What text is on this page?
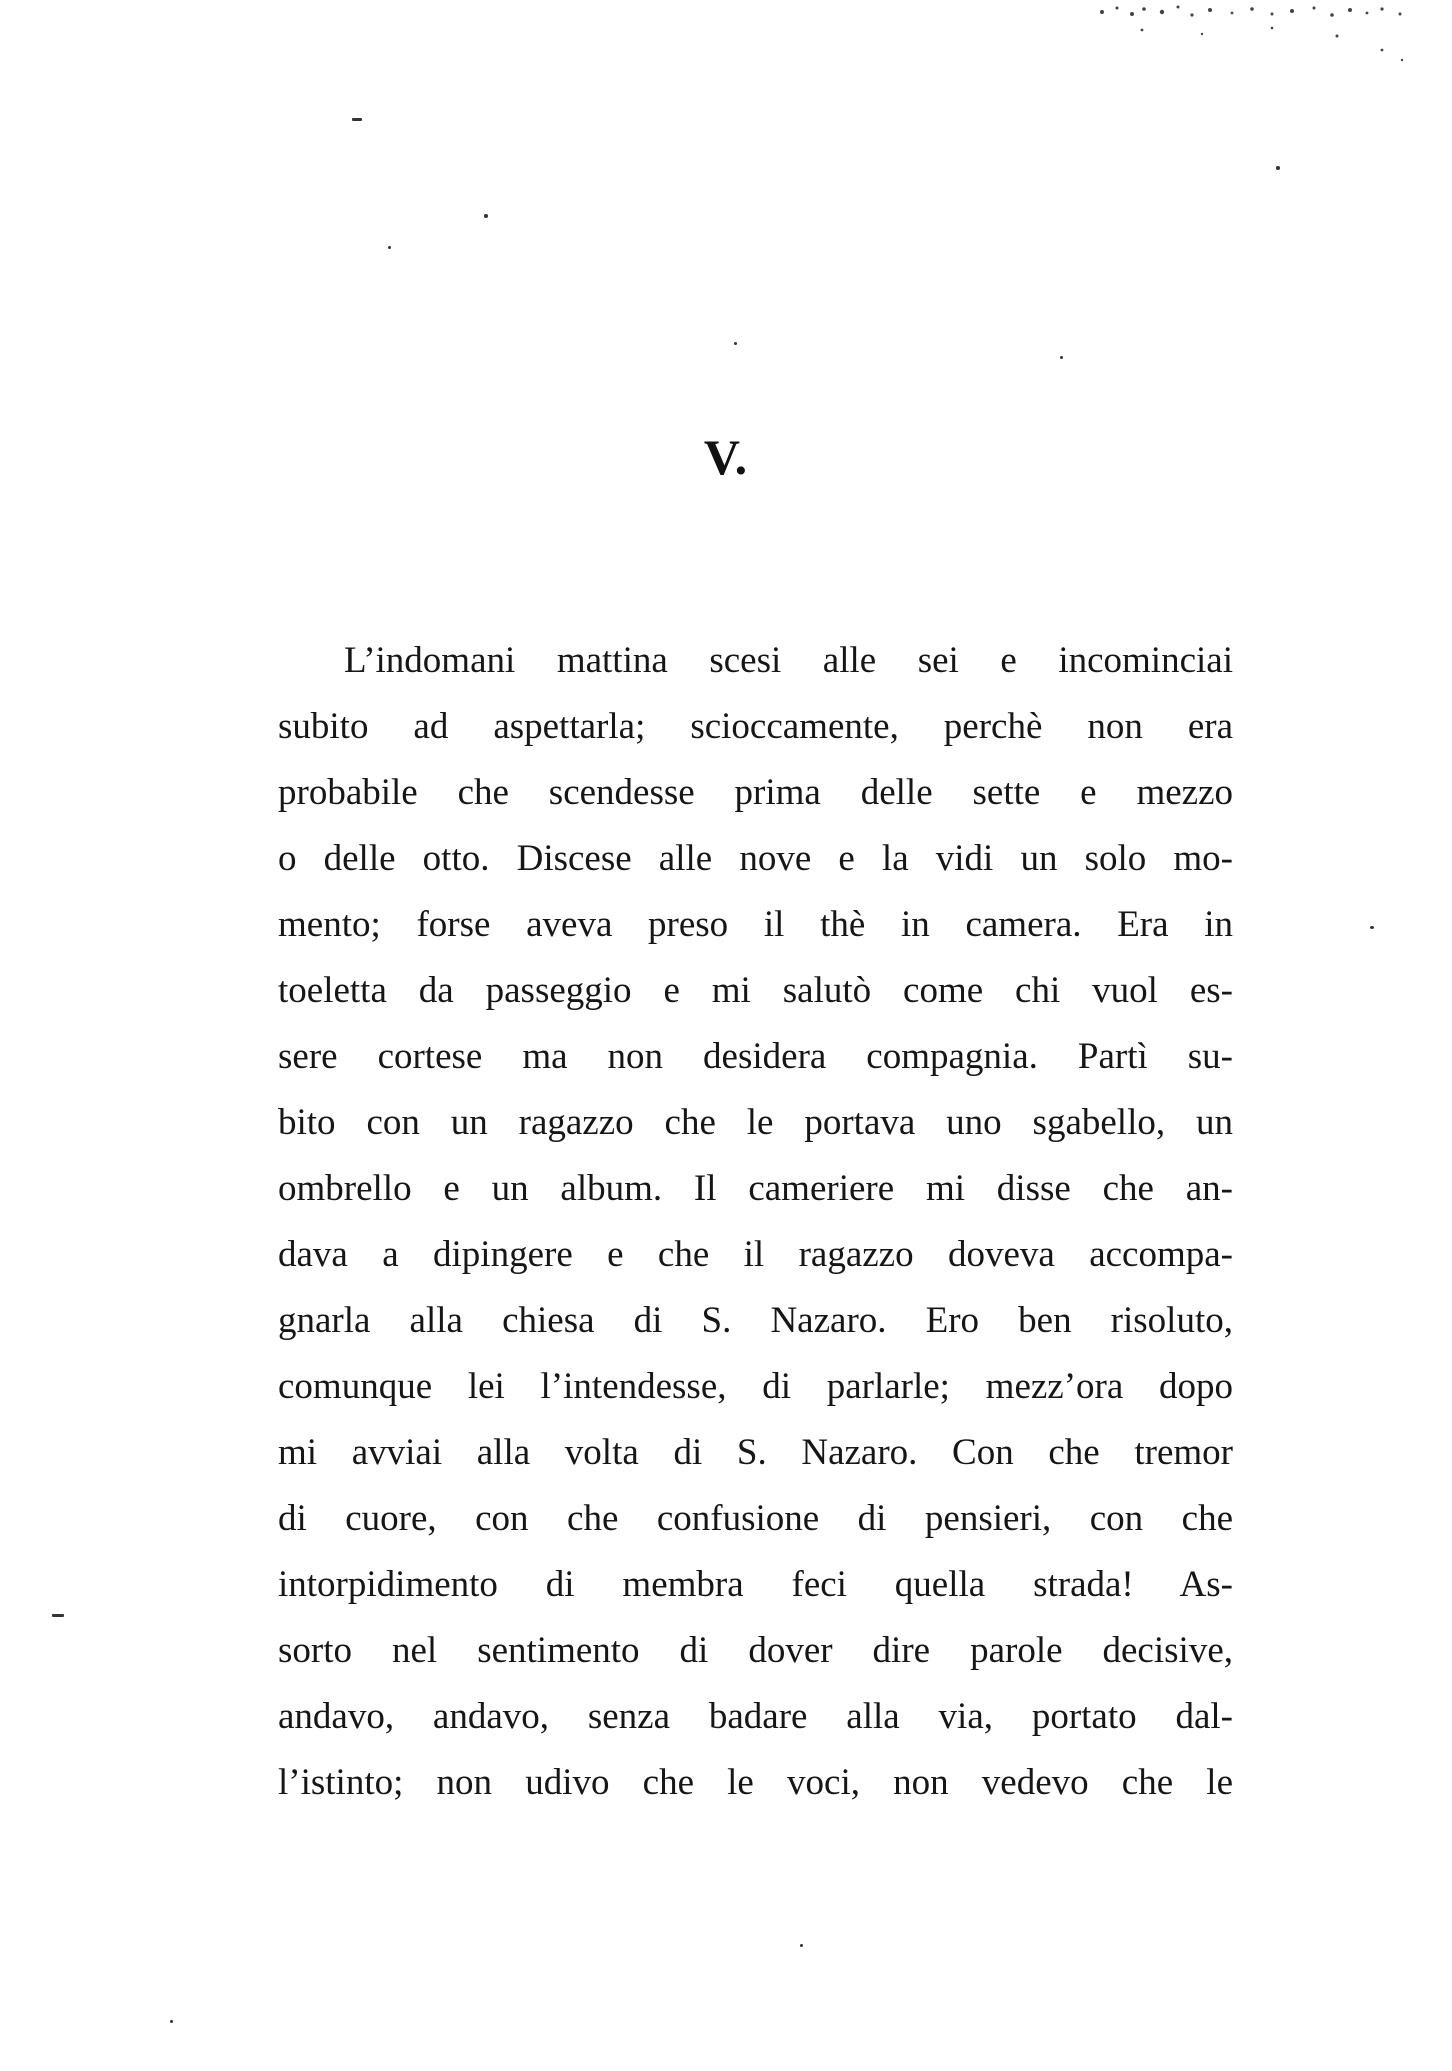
V.
L’indomani mattina scesi alle sei e incominciai
subito ad aspettarla; scioccamente, perchè non era
probabile che scendesse prima delle sette e mezzo
o delle otto. Discese alle nove e la vidi un solo mo-
mento; forse aveva preso il thè in camera. Era in
toeletta da passeggio e mi salutò come chi vuol es-
sere cortese ma non desidera compagnia. Partì su-
bito con un ragazzo che le portava uno sgabello, un
ombrello e un album. Il cameriere mi disse che an-
dava a dipingere e che il ragazzo doveva accompa-
gnarla alla chiesa di S. Nazaro. Ero ben risoluto,
comunque lei l’intendesse, di parlarle; mezz’ora dopo
mi avviai alla volta di S. Nazaro. Con che tremor
di cuore, con che confusione di pensieri, con che
intorpidimento di membra feci quella strada! As-
sorto nel sentimento di dover dire parole decisive,
andavo, andavo, senza badare alla via, portato dal-
l’istinto; non udivo che le voci, non vedevo che le
